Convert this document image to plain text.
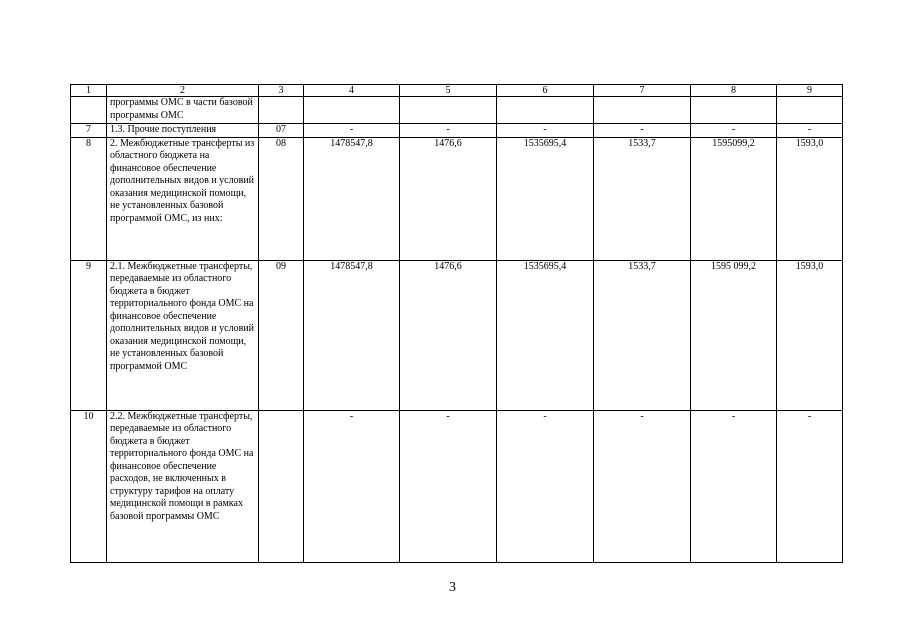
1	2	3	4	5	6	7	8	9
	программы ОМС в части базовой программы ОМС							
7	1.3. Прочие поступления	07	-	-	-	-	-	-
8	2. Межбюджетные трансферты из областного бюджета на финансовое обеспечение дополнительных видов и условий оказания медицинской помощи, не установленных базовой программой ОМС, из них:	08	1478547,8	1476,6	1535695,4	1533,7	1595099,2	1593,0
9	2.1. Межбюджетные трансферты, передаваемые из областного бюджета в бюджет территориального фонда ОМС на финансовое обеспечение дополнительных видов и условий оказания медицинской помощи, не установленных базовой программой ОМС	09	1478547,8	1476,6	1535695,4	1533,7	1595 099,2	1593,0
10	2.2. Межбюджетные трансферты, передаваемые из областного бюджета в бюджет территориального фонда ОМС на финансовое обеспечение расходов, не включенных в структуру тарифов на оплату медицинской помощи в рамках базовой программы ОМС		-	-	-	-	-	-
3
